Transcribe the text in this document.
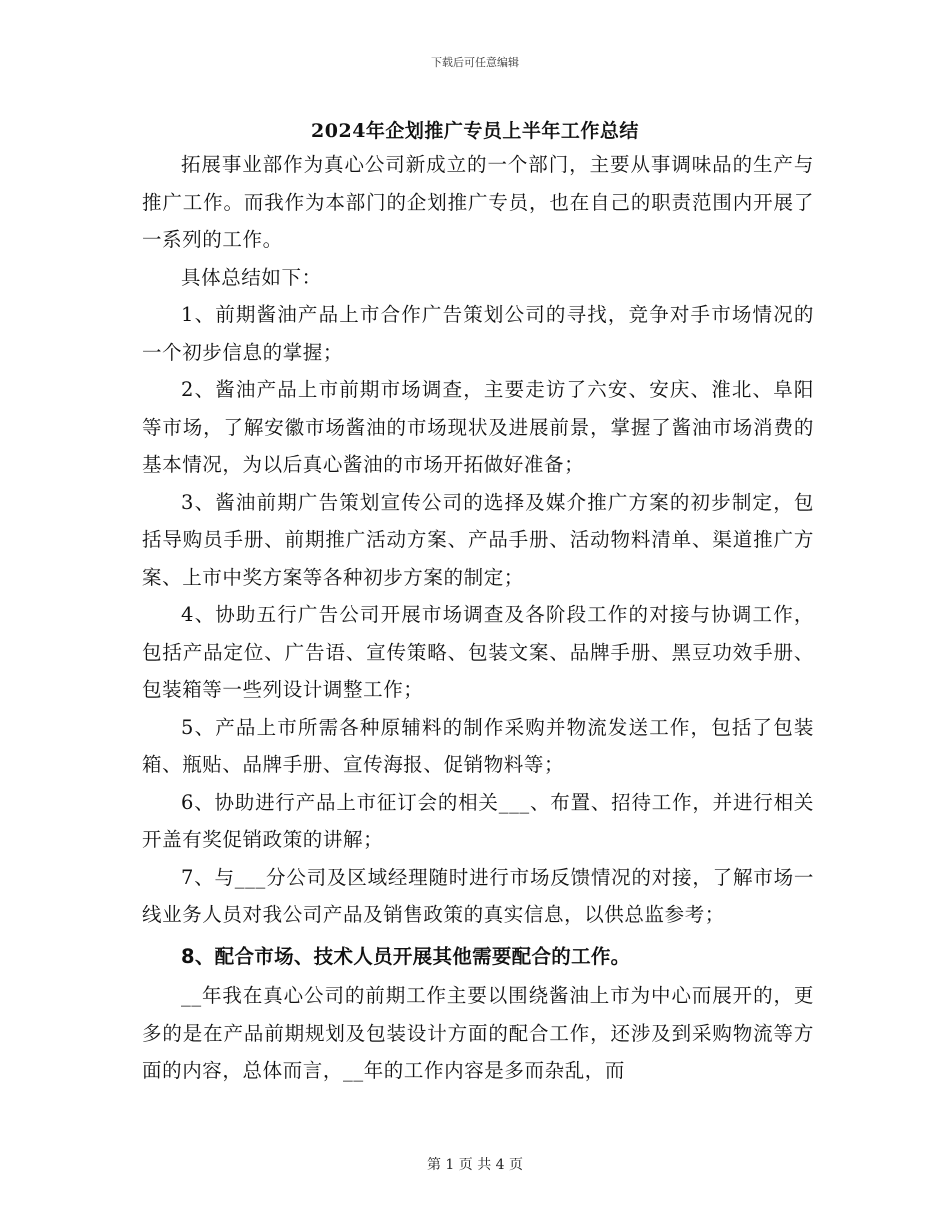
下载后可任意编辑
2024年企划推广专员上半年工作总结

拓展事业部作为真心公司新成立的一个部门，主要从事调味品的生产与推广工作。而我作为本部门的企划推广专员，也在自己的职责范围内开展了一系列的工作。

具体总结如下：

1、前期酱油产品上市合作广告策划公司的寻找，竞争对手市场情况的一个初步信息的掌握；

2、酱油产品上市前期市场调查，主要走访了六安、安庆、淮北、阜阳等市场，了解安徽市场酱油的市场现状及进展前景，掌握了酱油市场消费的基本情况，为以后真心酱油的市场开拓做好准备；

3、酱油前期广告策划宣传公司的选择及媒介推广方案的初步制定，包括导购员手册、前期推广活动方案、产品手册、活动物料清单、渠道推广方案、上市中奖方案等各种初步方案的制定；

4、协助五行广告公司开展市场调查及各阶段工作的对接与协调工作，包括产品定位、广告语、宣传策略、包装文案、品牌手册、黑豆功效手册、包装箱等一些列设计调整工作；

5、产品上市所需各种原辅料的制作采购并物流发送工作，包括了包装箱、瓶贴、品牌手册、宣传海报、促销物料等；

6、协助进行产品上市征订会的相关___、布置、招待工作，并进行相关开盖有奖促销政策的讲解；

7、与___分公司及区域经理随时进行市场反馈情况的对接，了解市场一线业务人员对我公司产品及销售政策的真实信息，以供总监参考；

8、配合市场、技术人员开展其他需要配合的工作。

__年我在真心公司的前期工作主要以围绕酱油上市为中心而展开的，更多的是在产品前期规划及包装设计方面的配合工作，还涉及到采购物流等方面的内容，总体而言，__年的工作内容是多而杂乱，而

第 1 页 共 4 页
